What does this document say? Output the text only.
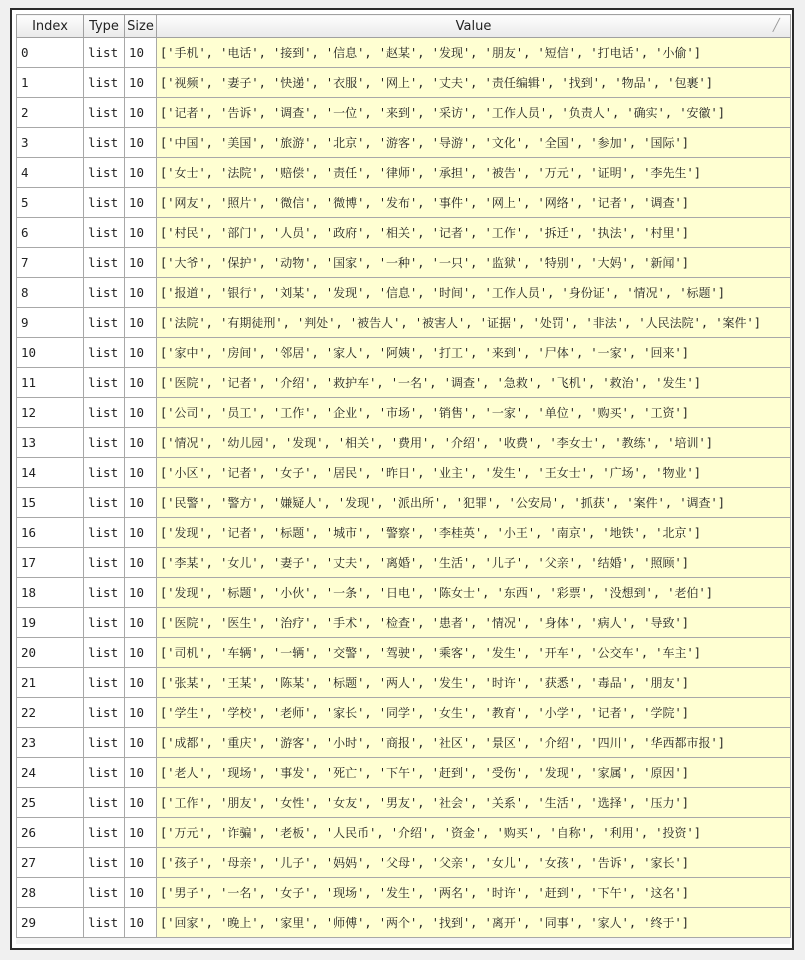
Index	Type	Size	Value ╱

0	list	10	['手机', '电话', '接到', '信息', '赵某', '发现', '朋友', '短信', '打电话', '小偷']
1	list	10	['视频', '妻子', '快递', '衣服', '网上', '丈夫', '责任编辑', '找到', '物品', '包裹']
2	list	10	['记者', '告诉', '调查', '一位', '来到', '采访', '工作人员', '负责人', '确实', '安徽']
3	list	10	['中国', '美国', '旅游', '北京', '游客', '导游', '文化', '全国', '参加', '国际']
4	list	10	['女士', '法院', '赔偿', '责任', '律师', '承担', '被告', '万元', '证明', '李先生']
5	list	10	['网友', '照片', '微信', '微博', '发布', '事件', '网上', '网络', '记者', '调查']
6	list	10	['村民', '部门', '人员', '政府', '相关', '记者', '工作', '拆迁', '执法', '村里']
7	list	10	['大爷', '保护', '动物', '国家', '一种', '一只', '监狱', '特别', '大妈', '新闻']
8	list	10	['报道', '银行', '刘某', '发现', '信息', '时间', '工作人员', '身份证', '情况', '标题']
9	list	10	['法院', '有期徒刑', '判处', '被告人', '被害人', '证据', '处罚', '非法', '人民法院', '案件']
10	list	10	['家中', '房间', '邻居', '家人', '阿姨', '打工', '来到', '尸体', '一家', '回来']
11	list	10	['医院', '记者', '介绍', '救护车', '一名', '调查', '急救', '飞机', '救治', '发生']
12	list	10	['公司', '员工', '工作', '企业', '市场', '销售', '一家', '单位', '购买', '工资']
13	list	10	['情况', '幼儿园', '发现', '相关', '费用', '介绍', '收费', '李女士', '教练', '培训']
14	list	10	['小区', '记者', '女子', '居民', '昨日', '业主', '发生', '王女士', '广场', '物业']
15	list	10	['民警', '警方', '嫌疑人', '发现', '派出所', '犯罪', '公安局', '抓获', '案件', '调查']
16	list	10	['发现', '记者', '标题', '城市', '警察', '李桂英', '小王', '南京', '地铁', '北京']
17	list	10	['李某', '女儿', '妻子', '丈夫', '离婚', '生活', '儿子', '父亲', '结婚', '照顾']
18	list	10	['发现', '标题', '小伙', '一条', '日电', '陈女士', '东西', '彩票', '没想到', '老伯']
19	list	10	['医院', '医生', '治疗', '手术', '检查', '患者', '情况', '身体', '病人', '导致']
20	list	10	['司机', '车辆', '一辆', '交警', '驾驶', '乘客', '发生', '开车', '公交车', '车主']
21	list	10	['张某', '王某', '陈某', '标题', '两人', '发生', '时许', '获悉', '毒品', '朋友']
22	list	10	['学生', '学校', '老师', '家长', '同学', '女生', '教育', '小学', '记者', '学院']
23	list	10	['成都', '重庆', '游客', '小时', '商报', '社区', '景区', '介绍', '四川', '华西都市报']
24	list	10	['老人', '现场', '事发', '死亡', '下午', '赶到', '受伤', '发现', '家属', '原因']
25	list	10	['工作', '朋友', '女性', '女友', '男友', '社会', '关系', '生活', '选择', '压力']
26	list	10	['万元', '诈骗', '老板', '人民币', '介绍', '资金', '购买', '自称', '利用', '投资']
27	list	10	['孩子', '母亲', '儿子', '妈妈', '父母', '父亲', '女儿', '女孩', '告诉', '家长']
28	list	10	['男子', '一名', '女子', '现场', '发生', '两名', '时许', '赶到', '下午', '这名']
29	list	10	['回家', '晚上', '家里', '师傅', '两个', '找到', '离开', '同事', '家人', '终于']
